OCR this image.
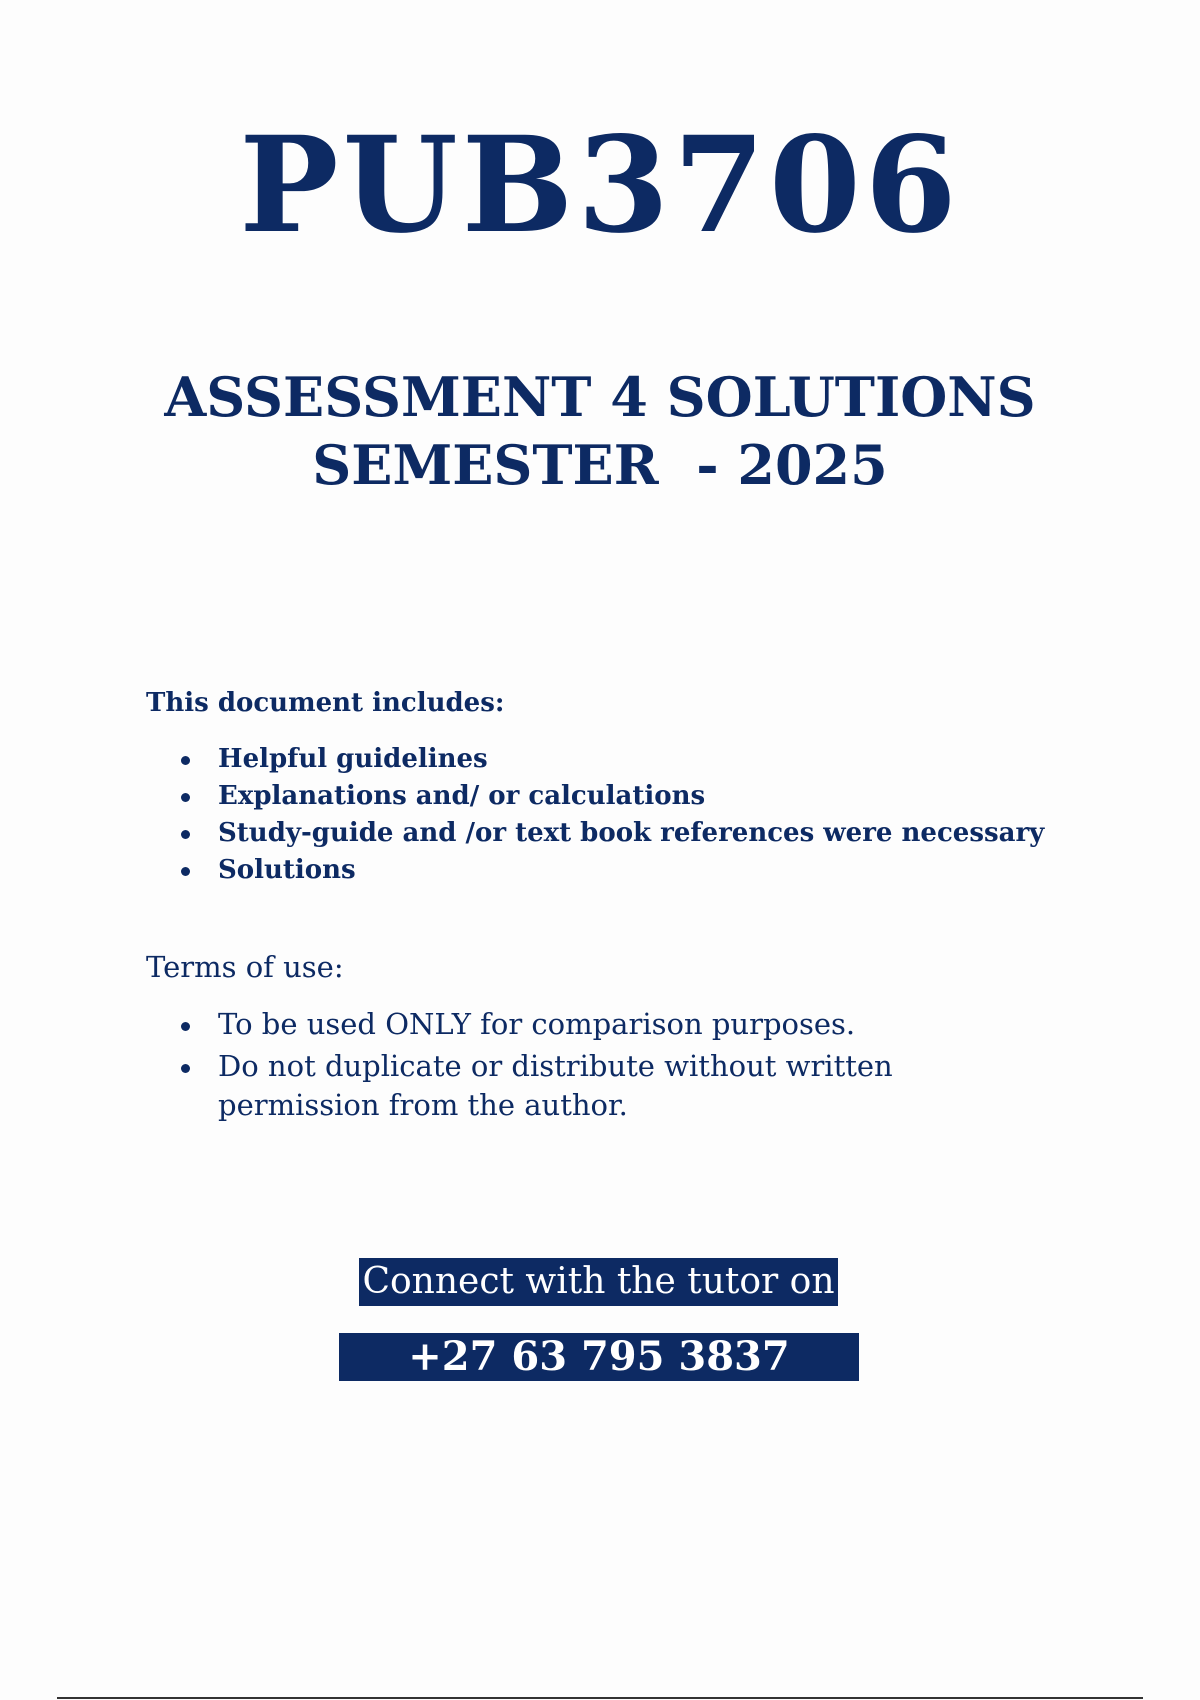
PUB3706
ASSESSMENT 4 SOLUTIONS
SEMESTER  - 2025
This document includes:
Helpful guidelines
Explanations and/ or calculations
Study-guide and /or text book references were necessary
Solutions
Terms of use:
To be used ONLY for comparison purposes.
Do not duplicate or distribute without written permission from the author.
Connect with the tutor on
+27 63 795 3837
